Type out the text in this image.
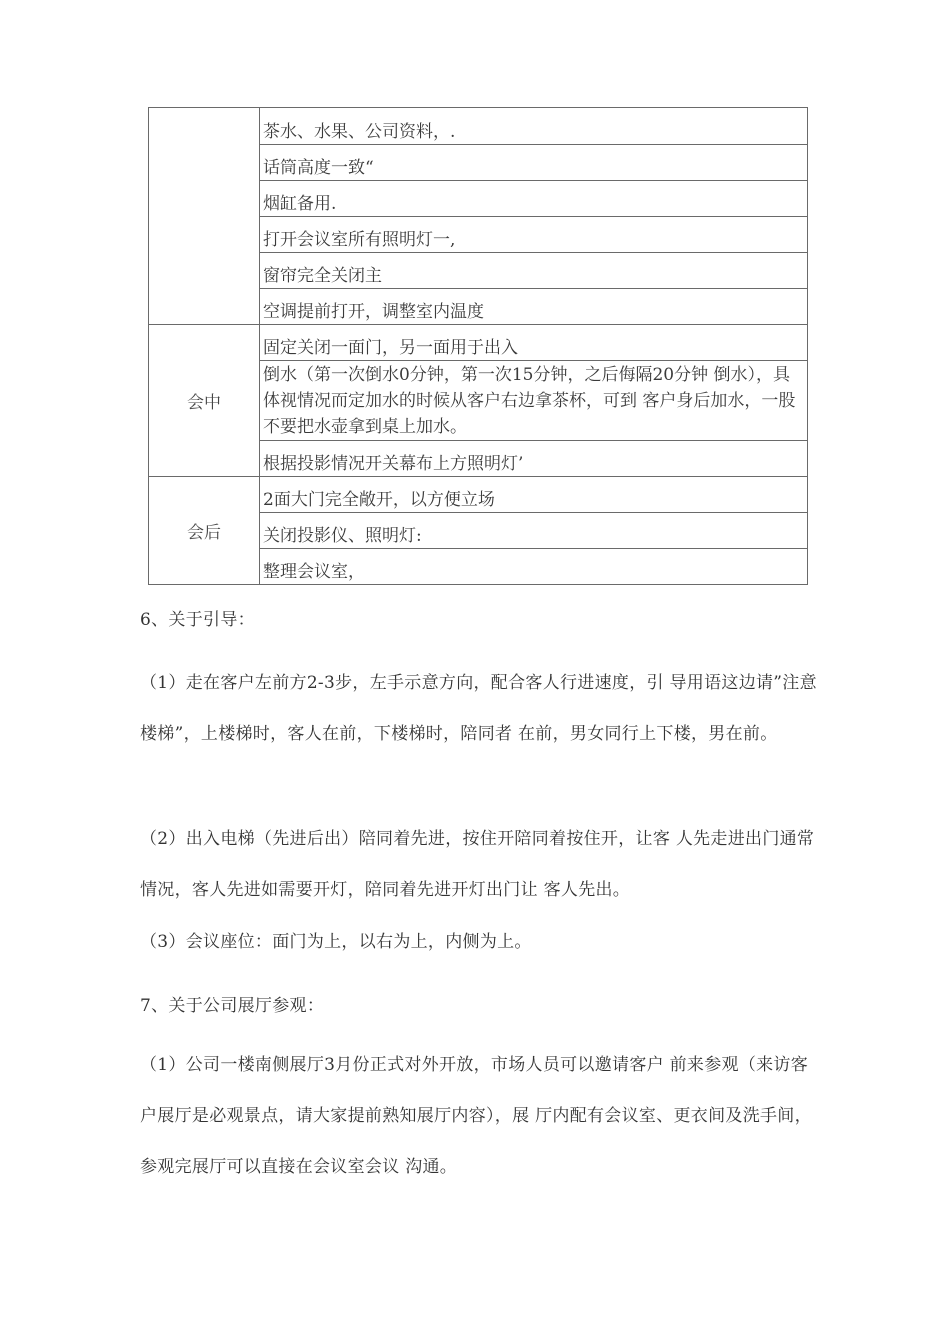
	茶水、水果、公司资料，.
	话筒高度一致“
	烟缸备用.
	打开会议室所有照明灯一,
	窗帘完全关闭主
	空调提前打开，调整室内温度
会中	固定关闭一面门，另一面用于出入
	倒水（第一次倒水0分钟，第一次15分钟，之后侮隔20分钟 倒水），具体视情况而定加水的时候从客户右边拿茶杯，可到 客户身后加水，一股不要把水壶拿到桌上加水。
	根据投影情况开关幕布上方照明灯’
会后	2面大门完全敞开，以方便立场
	关闭投影仪、照明灯:
	整理会议室，

6、关于引导：

（1）走在客户左前方2-3步，左手示意方向，配合客人行进速度，引 导用语这边请”注意楼梯”，上楼梯时，客人在前，下楼梯时，陪同者 在前，男女同行上下楼，男在前。

（2）出入电梯（先进后出）陪同着先进，按住开陪同着按住开，让客 人先走进出门通常情况，客人先进如需要开灯，陪同着先进开灯出门让 客人先出。

（3）会议座位：面门为上，以右为上，内侧为上。

7、关于公司展厅参观：

（1）公司一楼南侧展厅3月份正式对外开放，市场人员可以邀请客户 前来参观（来访客户展厅是必观景点，请大家提前熟知展厅内容），展 厅内配有会议室、更衣间及洗手间，参观完展厅可以直接在会议室会议 沟通。
